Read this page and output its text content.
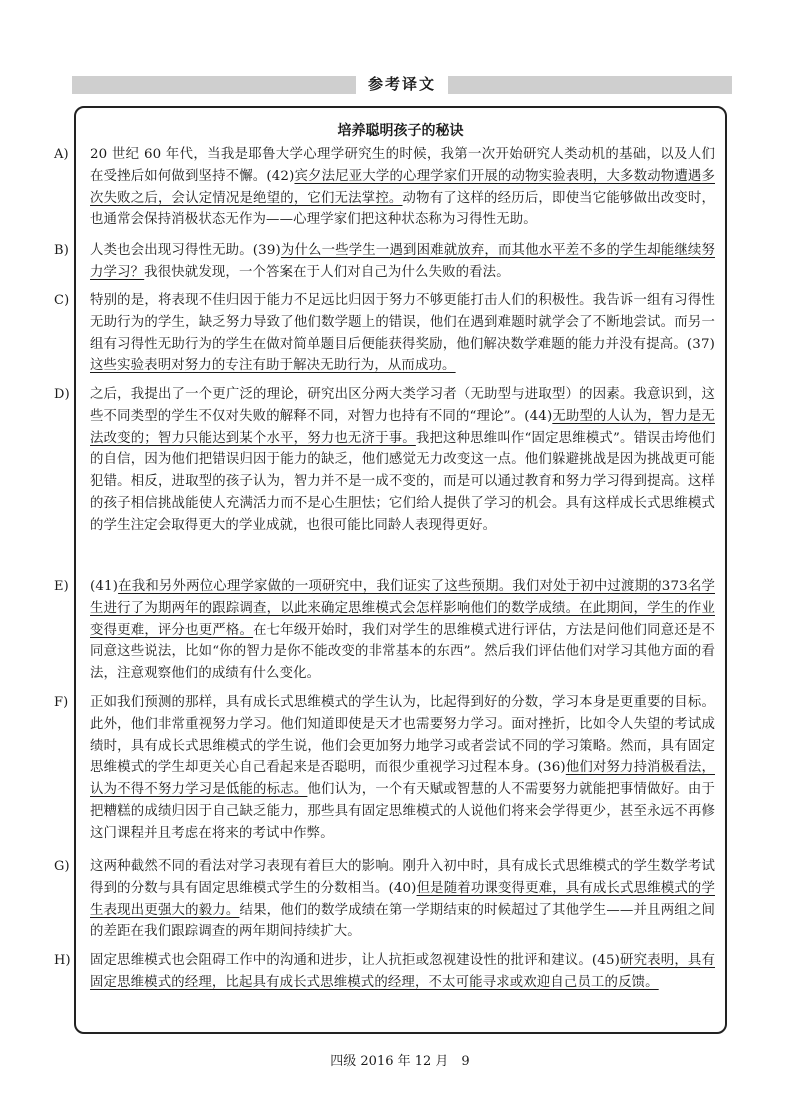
参考译文
培养聪明孩子的秘诀
A) 20 世纪 60 年代，当我是耶鲁大学心理学研究生的时候，我第一次开始研究人类动机的基础，以及人们在受挫后如何做到坚持不懈。(42)宾夕法尼亚大学的心理学家们开展的动物实验表明，大多数动物遭遇多次失败之后，会认定情况是绝望的，它们无法掌控。动物有了这样的经历后，即使当它能够做出改变时，也通常会保持消极状态无作为——心理学家们把这种状态称为习得性无助。
B) 人类也会出现习得性无助。(39)为什么一些学生一遇到困难就放弃，而其他水平差不多的学生却能继续努力学习？我很快就发现，一个答案在于人们对自己为什么失败的看法。
C) 特别的是，将表现不佳归因于能力不足远比归因于努力不够更能打击人们的积极性。我告诉一组有习得性无助行为的学生，缺乏努力导致了他们数学题上的错误，他们在遇到难题时就学会了不断地尝试。而另一组有习得性无助行为的学生在做对简单题目后便能获得奖励，他们解决数学难题的能力并没有提高。(37)这些实验表明对努力的专注有助于解决无助行为，从而成功。
D) 之后，我提出了一个更广泛的理论，研究出区分两大类学习者（无助型与进取型）的因素。我意识到，这些不同类型的学生不仅对失败的解释不同，对智力也持有不同的“理论”。(44)无助型的人认为，智力是无法改变的；智力只能达到某个水平，努力也无济于事。我把这种思维叫作“固定思维模式”。错误击垮他们的自信，因为他们把错误归因于能力的缺乏，他们感觉无力改变这一点。他们躲避挑战是因为挑战更可能犯错。相反，进取型的孩子认为，智力并不是一成不变的，而是可以通过教育和努力学习得到提高。这样的孩子相信挑战能使人充满活力而不是心生胆怯；它们给人提供了学习的机会。具有这样成长式思维模式的学生注定会取得更大的学业成就，也很可能比同龄人表现得更好。
E) (41)在我和另外两位心理学家做的一项研究中，我们证实了这些预期。我们对处于初中过渡期的373名学生进行了为期两年的跟踪调查，以此来确定思维模式会怎样影响他们的数学成绩。在此期间，学生的作业变得更难，评分也更严格。在七年级开始时，我们对学生的思维模式进行评估，方法是问他们同意还是不同意这些说法，比如“你的智力是你不能改变的非常基本的东西”。然后我们评估他们对学习其他方面的看法，注意观察他们的成绩有什么变化。
F) 正如我们预测的那样，具有成长式思维模式的学生认为，比起得到好的分数，学习本身是更重要的目标。此外，他们非常重视努力学习。他们知道即使是天才也需要努力学习。面对挫折，比如令人失望的考试成绩时，具有成长式思维模式的学生说，他们会更加努力地学习或者尝试不同的学习策略。然而，具有固定思维模式的学生却更关心自己看起来是否聪明，而很少重视学习过程本身。(36)他们对努力持消极看法，认为不得不努力学习是低能的标志。他们认为，一个有天赋或智慧的人不需要努力就能把事情做好。由于把糟糕的成绩归因于自己缺乏能力，那些具有固定思维模式的人说他们将来会学得更少，甚至永远不再修这门课程并且考虑在将来的考试中作弊。
G) 这两种截然不同的看法对学习表现有着巨大的影响。刚升入初中时，具有成长式思维模式的学生数学考试得到的分数与具有固定思维模式学生的分数相当。(40)但是随着功课变得更难，具有成长式思维模式的学生表现出更强大的毅力。结果，他们的数学成绩在第一学期结束的时候超过了其他学生——并且两组之间的差距在我们跟踪调查的两年期间持续扩大。
H) 固定思维模式也会阻碍工作中的沟通和进步，让人抗拒或忽视建设性的批评和建议。(45)研究表明，具有固定思维模式的经理，比起具有成长式思维模式的经理，不太可能寻求或欢迎自己员工的反馈。
四级 2016 年 12 月　9
